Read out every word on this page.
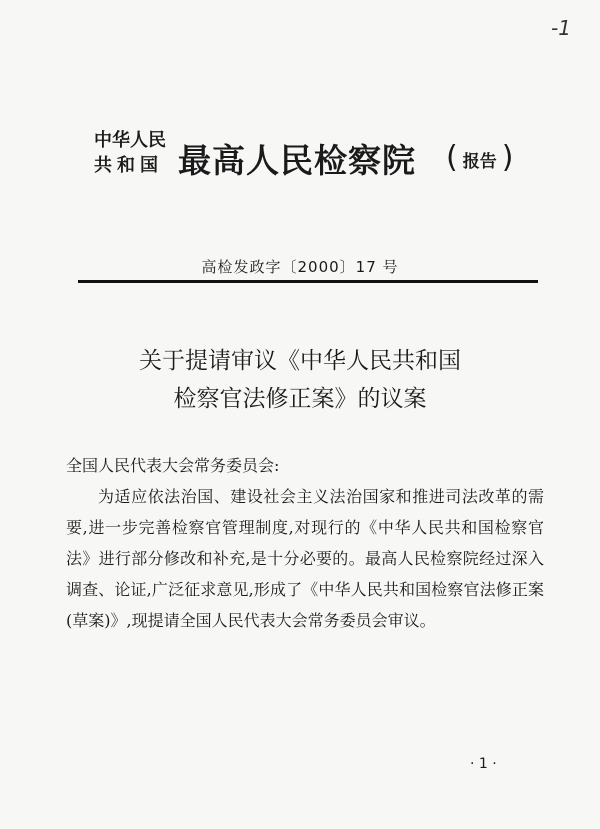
-1
中华人民
共和国 最高人民检察院 ( 报告 )
高检发政字〔2000〕17 号
关于提请审议《中华人民共和国
检察官法修正案》的议案

全国人民代表大会常务委员会:

为适应依法治国、建设社会主义法治国家和推进司法改革的需要,进一步完善检察官管理制度,对现行的《中华人民共和国检察官法》进行部分修改和补充,是十分必要的。最高人民检察院经过深入调查、论证,广泛征求意见,形成了《中华人民共和国检察官法修正案(草案)》,现提请全国人民代表大会常务委员会审议。

· 1 ·
